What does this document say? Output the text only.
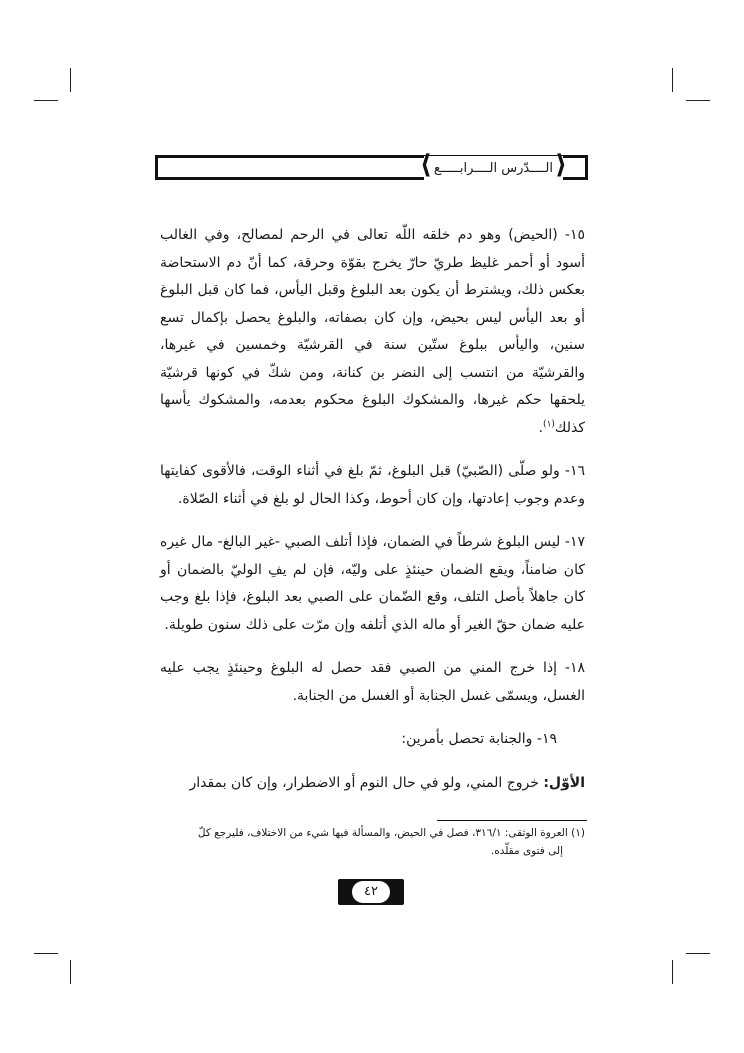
⟨
الــــدّرس الــــرابـــــع
⟩

١٥- (الحيض) وهو دم خلقه اللّه تعالى في الرحم لمصالح، وفي الغالب أسود أو أحمر غليظ طريّ حارّ يخرج بقوّة وحرقة، كما أنّ دم الاستحاضة بعكس ذلك، ويشترط أن يكون بعد البلوغ وقبل اليأس، فما كان قبل البلوغ أو بعد اليأس ليس بحيض، وإن كان بصفاته، والبلوغ يحصل بإكمال تسع سنين، واليأس ببلوغ ستّين سنة في القرشيّة وخمسين في غيرها، والقرشيّة من انتسب إلى النضر بن كنانة، ومن شكّ في كونها قرشيّة يلحقها حكم غيرها، والمشكوك البلوغ محكوم بعدمه، والمشكوك يأسها كذلك$^{(١)}$.

١٦- ولو صلّى (الصّبيّ) قبل البلوغ، ثمّ بلغ في أثناء الوقت، فالأقوى كفايتها وعدم وجوب إعادتها، وإن كان أحوط، وكذا الحال لو بلغ في أثناء الصّلاة.

١٧- ليس البلوغ شرطاً في الضمان، فإذا أتلف الصبي -غير البالغ- مال غيره كان ضامناً، ويقع الضمان حينئذٍ على وليّه، فإن لم يفِ الوليّ بالضمان أو كان جاهلاً بأصل التلف، وقع الضّمان على الصبي بعد البلوغ، فإذا بلغ وجب عليه ضمان حقّ الغير أو ماله الذي أتلفه وإن مرّت على ذلك سنون طويلة.

١٨- إذا خرج المني من الصبي فقد حصل له البلوغ وحينئذٍ يجب عليه الغسل، ويسمّى غسل الجنابة أو الغسل من الجنابة.

١٩- والجنابة تحصل بأمرين:

الأوّل: خروج المني، ولو في حال النوم أو الاضطرار، وإن كان بمقدار

(١) العروة الوثقى: ٣١٦/١، فصل في الحيض، والمسألة فيها شيء من الاختلاف، فليرجع كلّ
إلى فتوى مقلّده.
٤٢
